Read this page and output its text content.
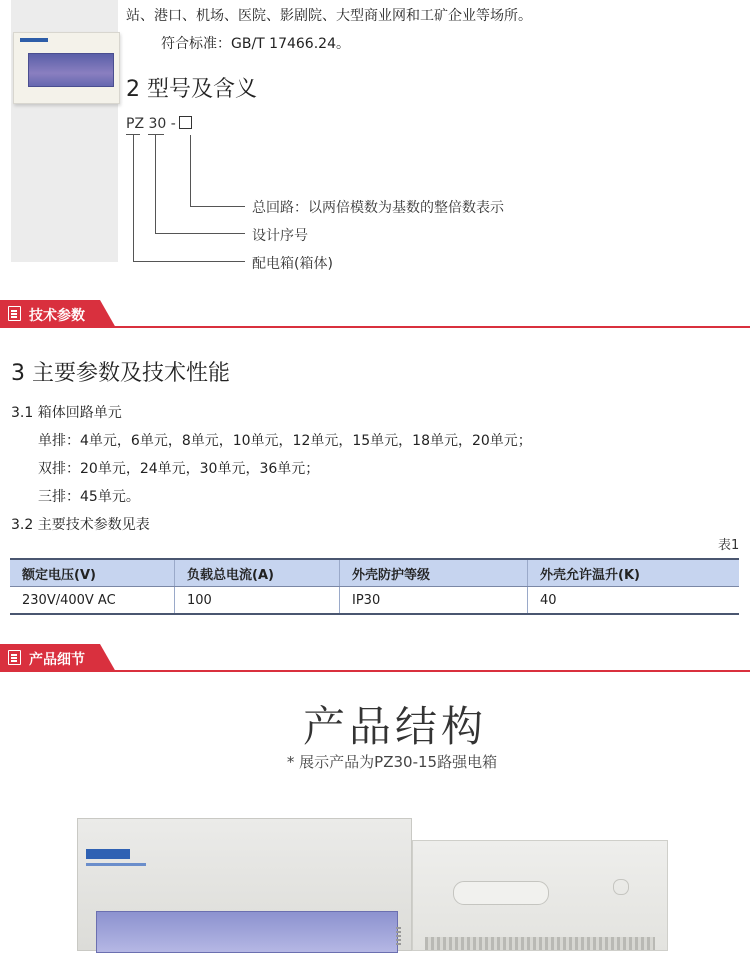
站、港口、机场、医院、影剧院、大型商业网和工矿企业等场所。
符合标准：GB/T 17466.24。
2 型号及含义
PZ 30 -
总回路：以两倍模数为基数的整倍数表示
设计序号
配电箱(箱体)
技术参数
3 主要参数及技术性能
3.1 箱体回路单元
单排：4单元，6单元，8单元，10单元，12单元，15单元，18单元，20单元；
双排：20单元，24单元，30单元，36单元；
三排：45单元。
3.2 主要技术参数见表
表1
额定电压(V)	负载总电流(A)	外壳防护等级	外壳允许温升(K)
230V/400V AC	100	IP30	40
产品细节
产品结构
* 展示产品为PZ30-15路强电箱
